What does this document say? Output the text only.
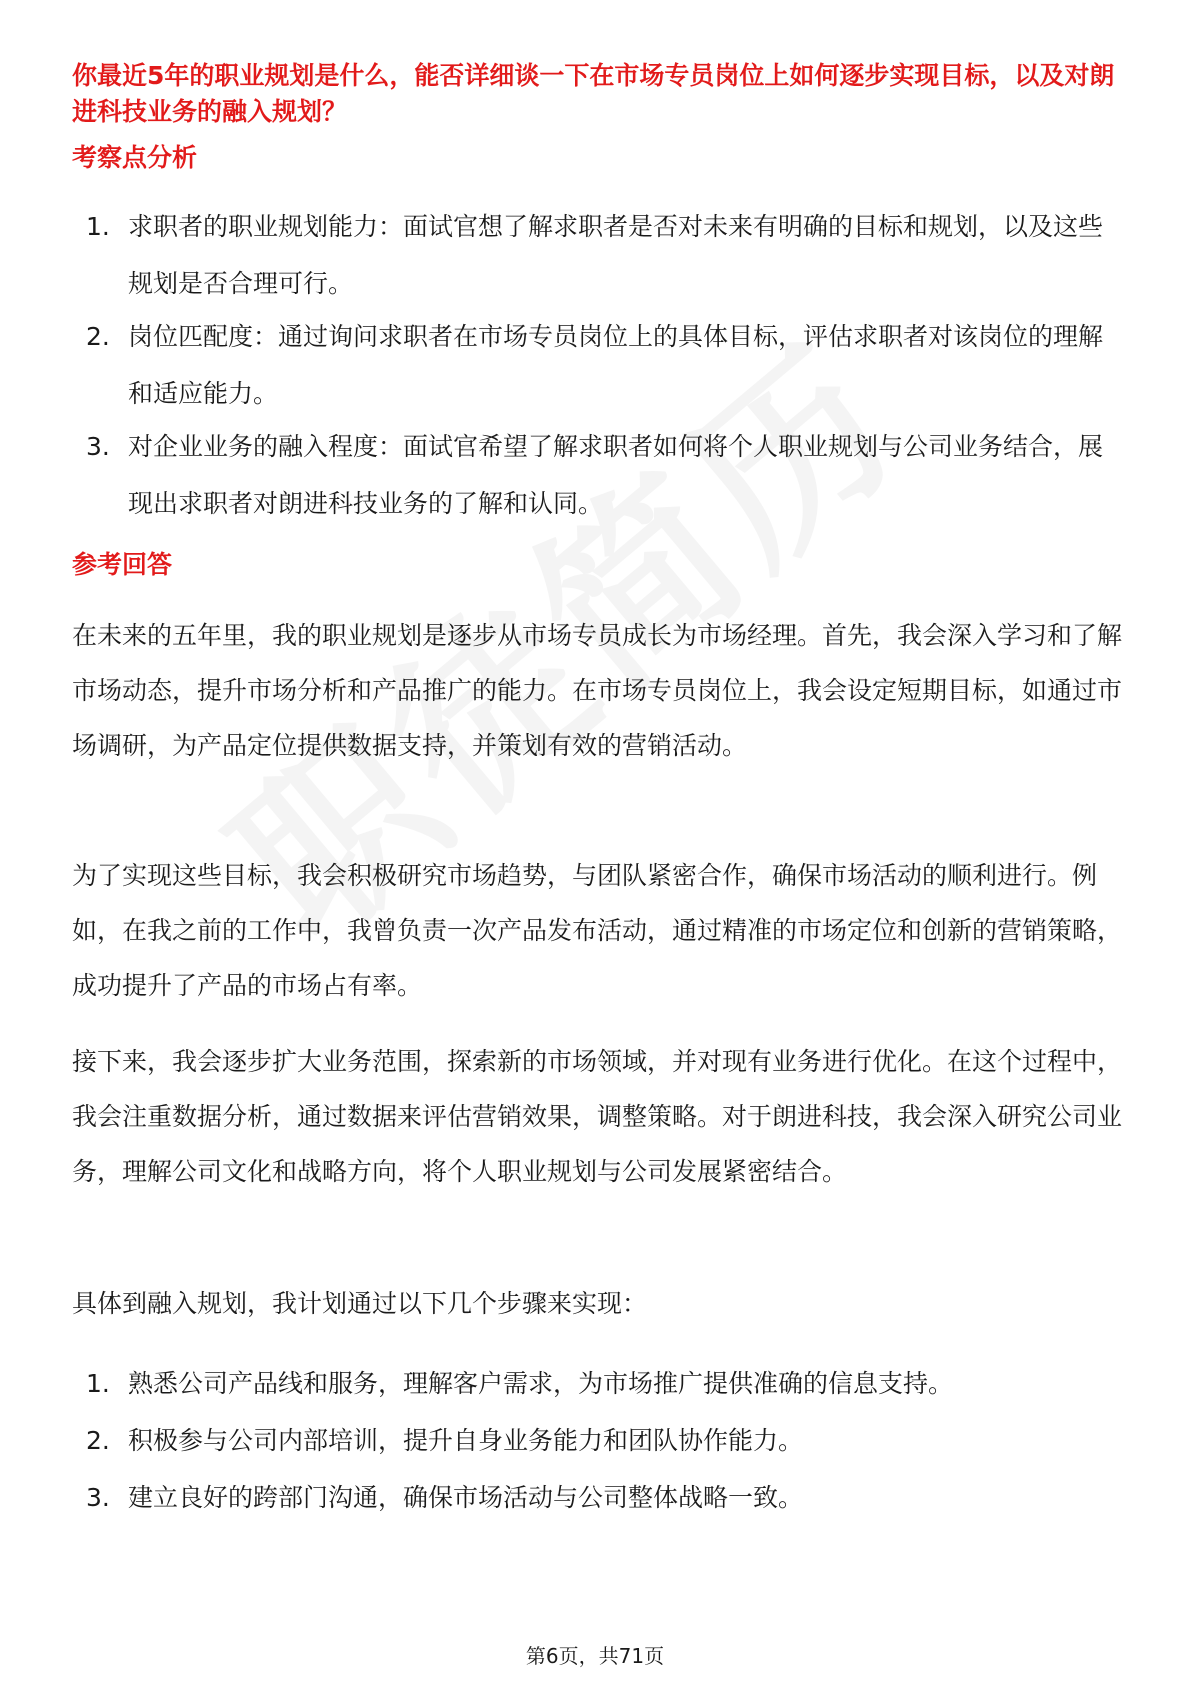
你最近5年的职业规划是什么，能否详细谈一下在市场专员岗位上如何逐步实现目标，以及对朗进科技业务的融入规划？
考察点分析
1. 求职者的职业规划能力：面试官想了解求职者是否对未来有明确的目标和规划，以及这些规划是否合理可行。
2. 岗位匹配度：通过询问求职者在市场专员岗位上的具体目标，评估求职者对该岗位的理解和适应能力。
3. 对企业业务的融入程度：面试官希望了解求职者如何将个人职业规划与公司业务结合，展现出求职者对朗进科技业务的了解和认同。
参考回答

在未来的五年里，我的职业规划是逐步从市场专员成长为市场经理。首先，我会深入学习和了解市场动态，提升市场分析和产品推广的能力。在市场专员岗位上，我会设定短期目标，如通过市场调研，为产品定位提供数据支持，并策划有效的营销活动。

为了实现这些目标，我会积极研究市场趋势，与团队紧密合作，确保市场活动的顺利进行。例如，在我之前的工作中，我曾负责一次产品发布活动，通过精准的市场定位和创新的营销策略，成功提升了产品的市场占有率。

接下来，我会逐步扩大业务范围，探索新的市场领域，并对现有业务进行优化。在这个过程中，我会注重数据分析，通过数据来评估营销效果，调整策略。对于朗进科技，我会深入研究公司业务，理解公司文化和战略方向，将个人职业规划与公司发展紧密结合。

具体到融入规划，我计划通过以下几个步骤来实现：

1. 熟悉公司产品线和服务，理解客户需求，为市场推广提供准确的信息支持。
2. 积极参与公司内部培训，提升自身业务能力和团队协作能力。
3. 建立良好的跨部门沟通，确保市场活动与公司整体战略一致。
第6页，共71页
